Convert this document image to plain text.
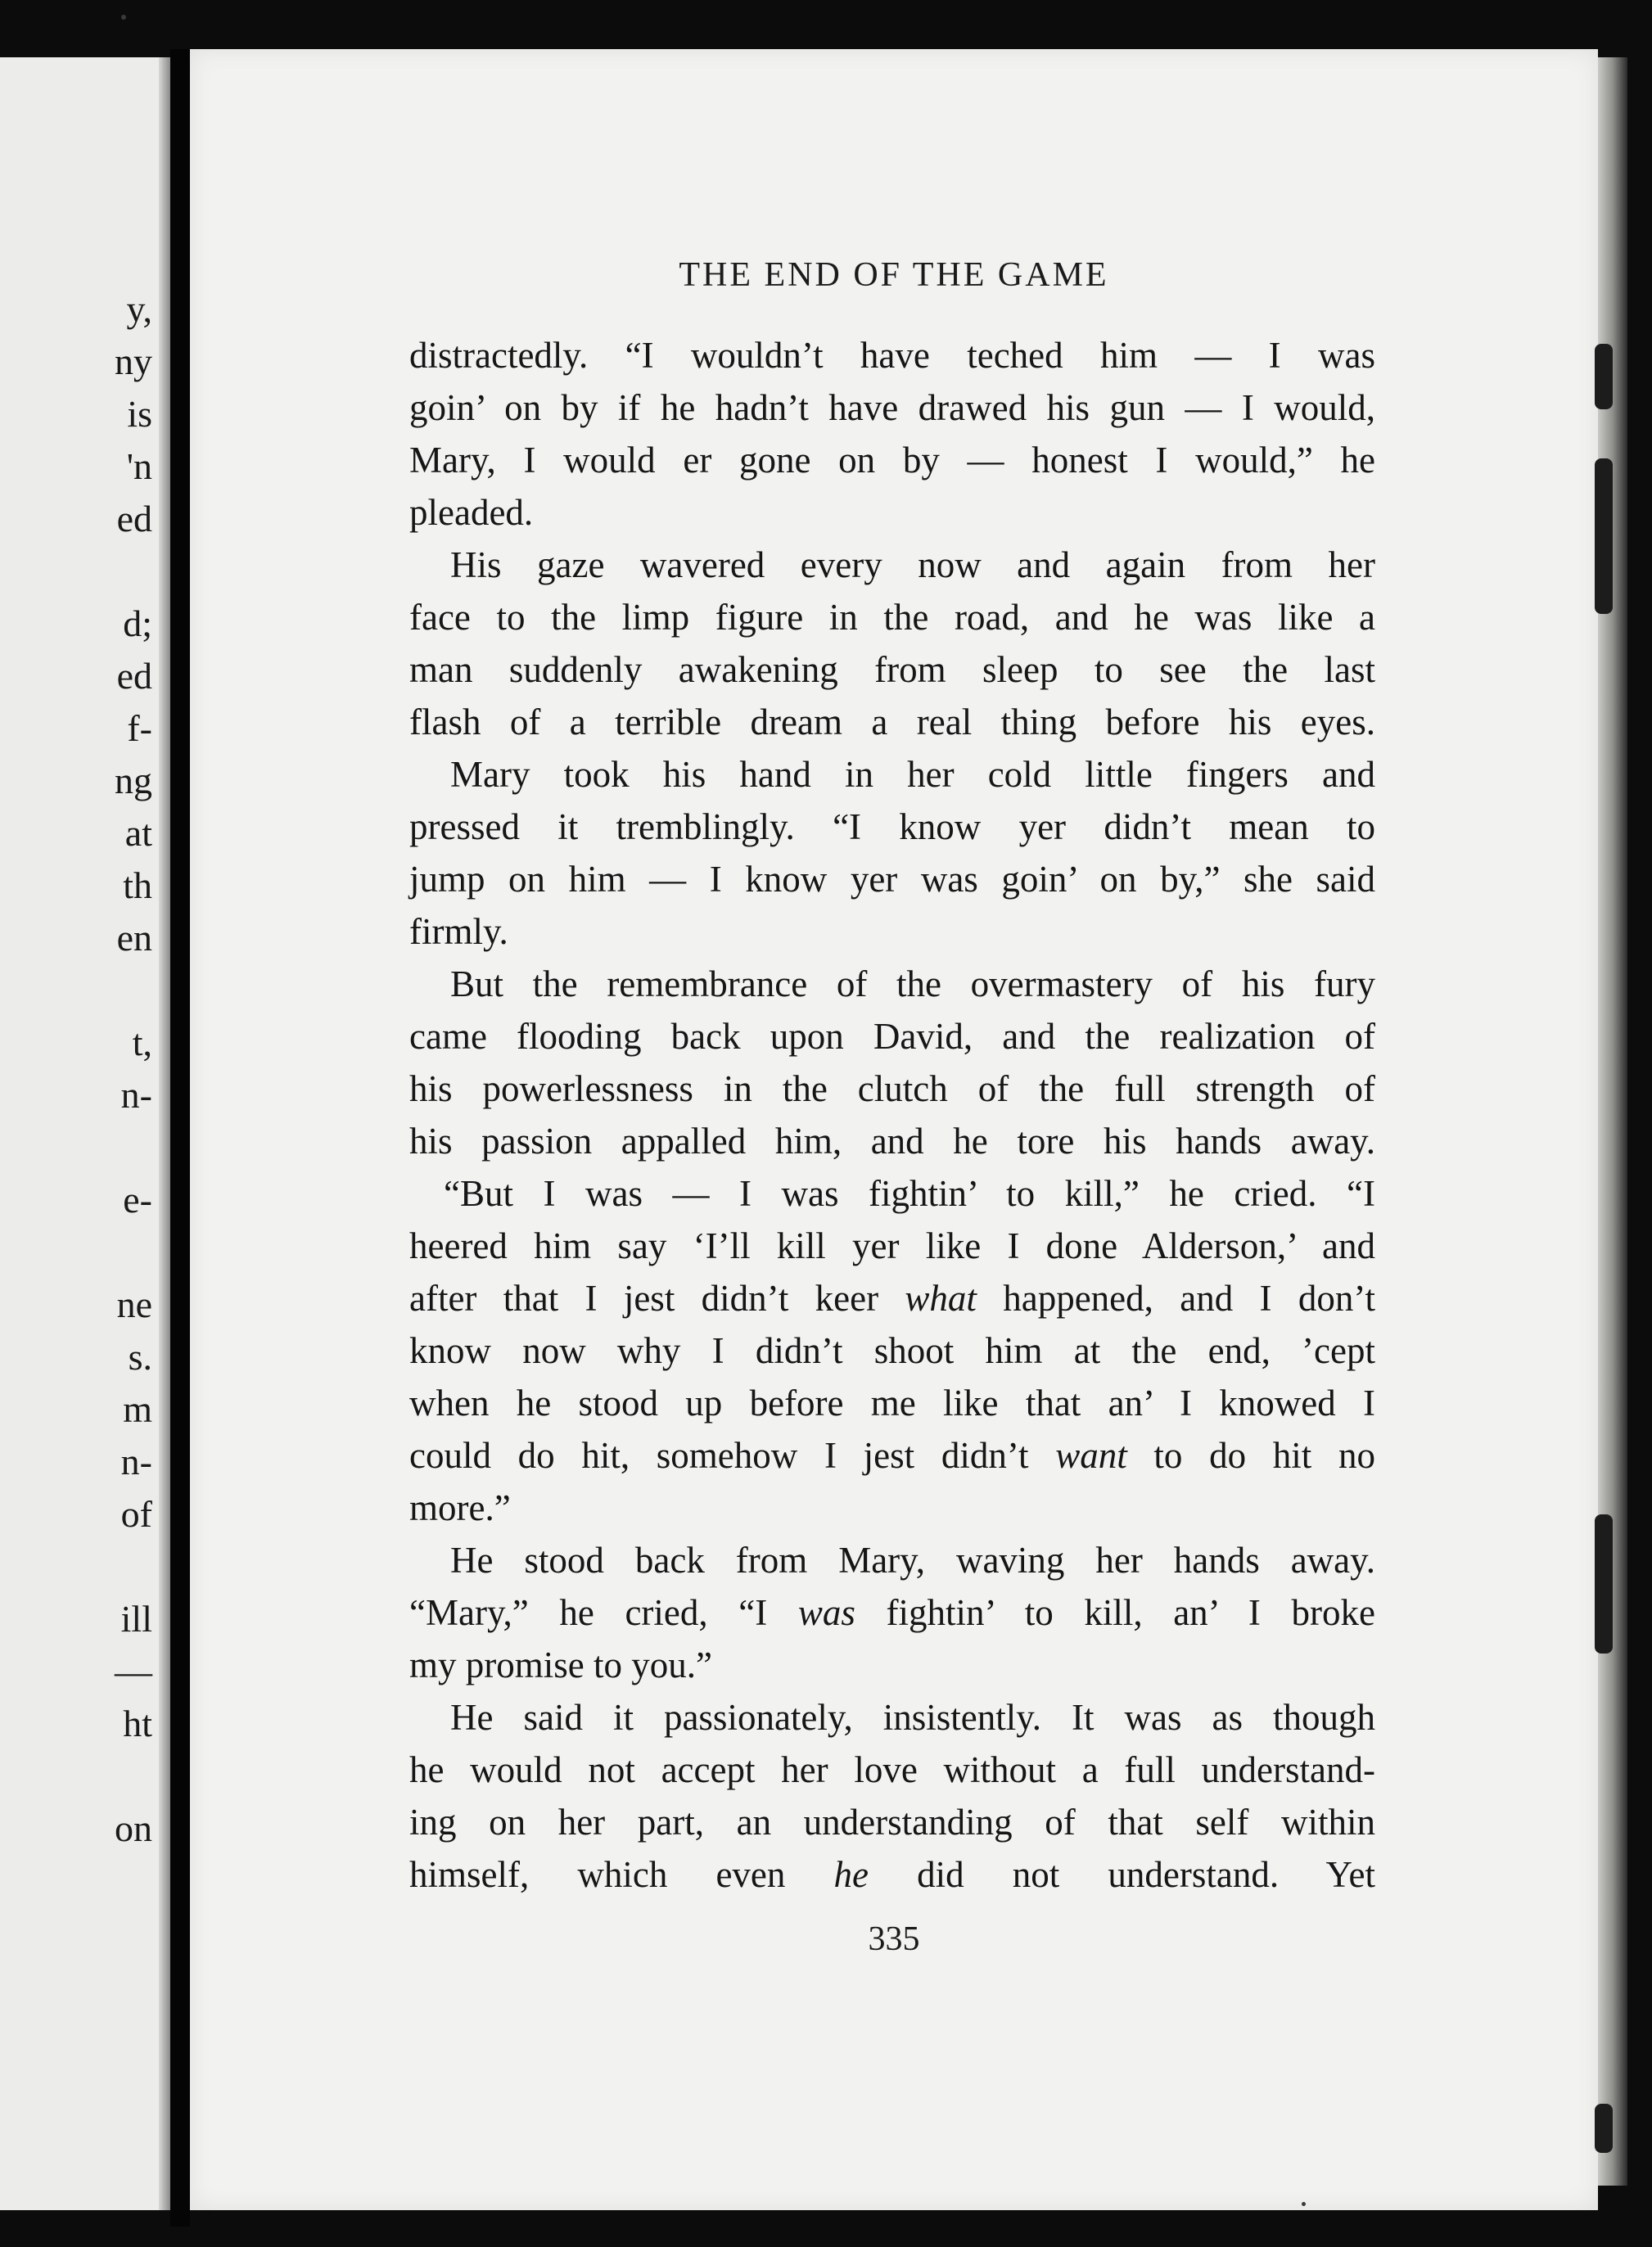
y,
ny
is
'n
ed
d;
ed
f-
ng
at
th
en
t,
n-
e-
ne
s.
m
n-
of
ill
—
ht
on
THE END OF THE GAME
distractedly. “I wouldn’t have teched him — I was
goin’ on by if he hadn’t have drawed his gun — I would,
Mary, I would er gone on by — honest I would,” he
pleaded.
His gaze wavered every now and again from her
face to the limp figure in the road, and he was like a
man suddenly awakening from sleep to see the last
flash of a terrible dream a real thing before his eyes.
Mary took his hand in her cold little fingers and
pressed it tremblingly. “I know yer didn’t mean to
jump on him — I know yer was goin’ on by,” she said
firmly.
But the remembrance of the overmastery of his fury
came flooding back upon David, and the realization of
his powerlessness in the clutch of the full strength of
his passion appalled him, and he tore his hands away.
“But I was — I was fightin’ to kill,” he cried. “I
heered him say ‘I’ll kill yer like I done Alderson,’ and
after that I jest didn’t keer what happened, and I don’t
know now why I didn’t shoot him at the end, ’cept
when he stood up before me like that an’ I knowed I
could do hit, somehow I jest didn’t want to do hit no
more.”
He stood back from Mary, waving her hands away.
“Mary,” he cried, “I was fightin’ to kill, an’ I broke
my promise to you.”
He said it passionately, insistently. It was as though
he would not accept her love without a full understand-
ing on her part, an understanding of that self within
himself, which even he did not understand. Yet
335
